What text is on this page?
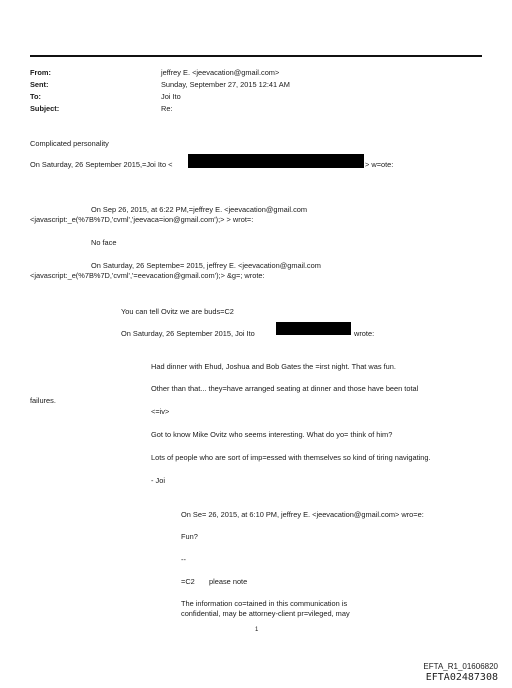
From:	jeffrey E. <jeevacation@gmail.com>
Sent:	Sunday, September 27, 2015 12:41 AM
To:	Joi Ito
Subject:	Re:
Complicated personality
On Saturday, 26 September 2015,=Joi Ito <	> w=ote:
On Sep 26, 2015, at 6:22 PM,=jeffrey E. <jeevacation@gmail.com
<javascript:_e(%7B%7D,'cvml','jeevaca=ion@gmail.com');> > wrot=:
No face
On Saturday, 26 Septembe= 2015, jeffrey E. <jeevacation@gmail.com
<javascript:_e(%7B%7D,'cvml','=eevacation@gmail.com');> &g=; wrote:
You can tell Ovitz we are buds=C2
On Saturday, 26 September 2015, Joi Ito	wrote:
Had dinner with Ehud, Joshua and Bob Gates the =irst night. That was fun.
Other than that... they=have arranged seating at dinner and those have been total
failures.
<=iv>
Got to know Mike Ovitz who seems interesting. What do yo= think of him?
Lots of people who are sort of imp=essed with themselves so kind of tiring navigating.
- Joi
On Se= 26, 2015, at 6:10 PM, jeffrey E. <jeevacation@gmail.com> wro=e:
Fun?
--
=C2 please note
The information co=tained in this communication is
confidential, may be attorney-client pr=vileged, may
1
EFTA_R1_01606820
EFTA02487308
